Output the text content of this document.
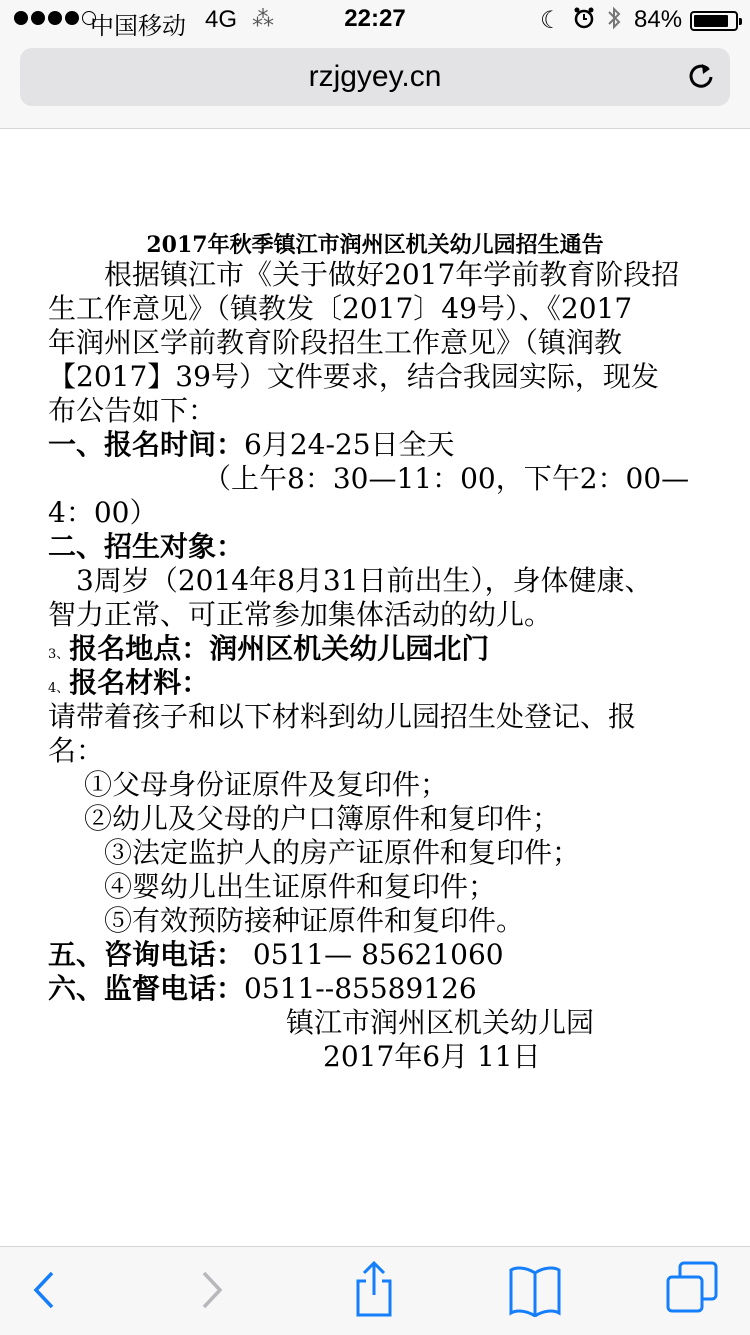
中国移动 4G ⁂	22:27	☾	84%
rzjgyey.cn
2017年秋季镇江市润州区机关幼儿园招生通告
　　根据镇江市《关于做好2017年学前教育阶段招
生工作意见》（镇教发〔2017〕49号）、《2017
年润州区学前教育阶段招生工作意见》（镇润教
【2017】39号）文件要求，结合我园实际，现发
布公告如下：
一、报名时间：6月24-25日全天
（上午8：30—11：00，下午2：00—
4：00）
二、招生对象：
　3周岁（2014年8月31日前出生），身体健康、
智力正常、可正常参加集体活动的幼儿。
3、报名地点：润州区机关幼儿园北门
4、报名材料：
请带着孩子和以下材料到幼儿园招生处登记、报
名：
①父母身份证原件及复印件；
②幼儿及父母的户口簿原件和复印件；
③法定监护人的房产证原件和复印件；
④婴幼儿出生证原件和复印件；
⑤有效预防接种证原件和复印件。
五、咨询电话： 0511— 85621060
六、监督电话：0511--85589126
镇江市润州区机关幼儿园
2017年6月 11日
